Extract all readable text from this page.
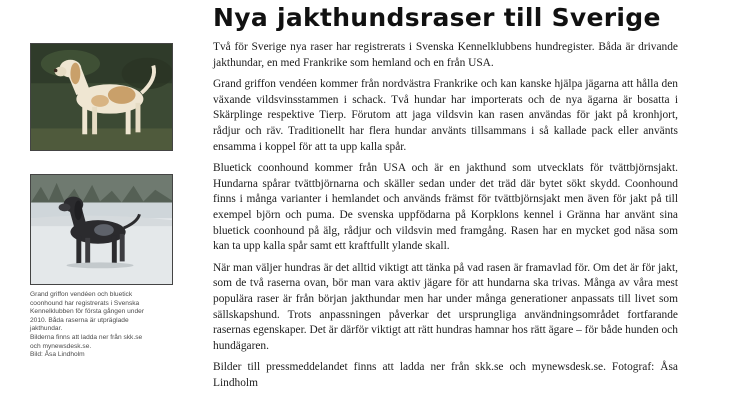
Nya jakthundsraser till Sverige

Två för Sverige nya raser har registrerats i Svenska Kennelklubbens hundregister. Båda är drivande jakthundar, en med Frankrike som hemland och en från USA.

Grand griffon vendéen kommer från nordvästra Frankrike och kan kanske hjälpa jägarna att hålla den växande vildsvinsstammen i schack. Två hundar har importerats och de nya ägarna är bosatta i Skärplinge respektive Tierp. Förutom att jaga vildsvin kan rasen användas för jakt på kronhjort, rådjur och räv. Traditionellt har flera hundar använts tillsammans i så kallade pack eller använts ensamma i koppel för att ta upp kalla spår.

Bluetick coonhound kommer från USA och är en jakthund som utvecklats för tvättbjörnsjakt. Hundarna spårar tvättbjörnarna och skäller sedan under det träd där bytet sökt skydd. Coonhound finns i många varianter i hemlandet och används främst för tvättbjörnsjakt men även för jakt på till exempel björn och puma. De svenska uppfödarna på Korpklons kennel i Gränna har använt sina bluetick coonhound på älg, rådjur och vildsvin med framgång. Rasen har en mycket god näsa som kan ta upp kalla spår samt ett kraftfullt ylande skall.

När man väljer hundras är det alltid viktigt att tänka på vad rasen är framavlad för. Om det är för jakt, som de två raserna ovan, bör man vara aktiv jägare för att hundarna ska trivas. Många av våra mest populära raser är från början jakthundar men har under många generationer anpassats till livet som sällskapshund. Trots anpassningen påverkar det ursprungliga användningsområdet fortfarande rasernas egenskaper. Det är därför viktigt att rätt hundras hamnar hos rätt ägare – för både hunden och hundägaren.

Bilder till pressmeddelandet finns att ladda ner från skk.se och mynewsdesk.se. Fotograf: Åsa Lindholm

Grand griffon vendéen och bluetick
coonhound har registrerats i Svenska
Kennelklubben för första gången under
2010. Båda raserna är utpräglade
jakthundar.
Bilderna finns att ladda ner från skk.se
och mynewsdesk.se.
Bild: Åsa Lindholm
